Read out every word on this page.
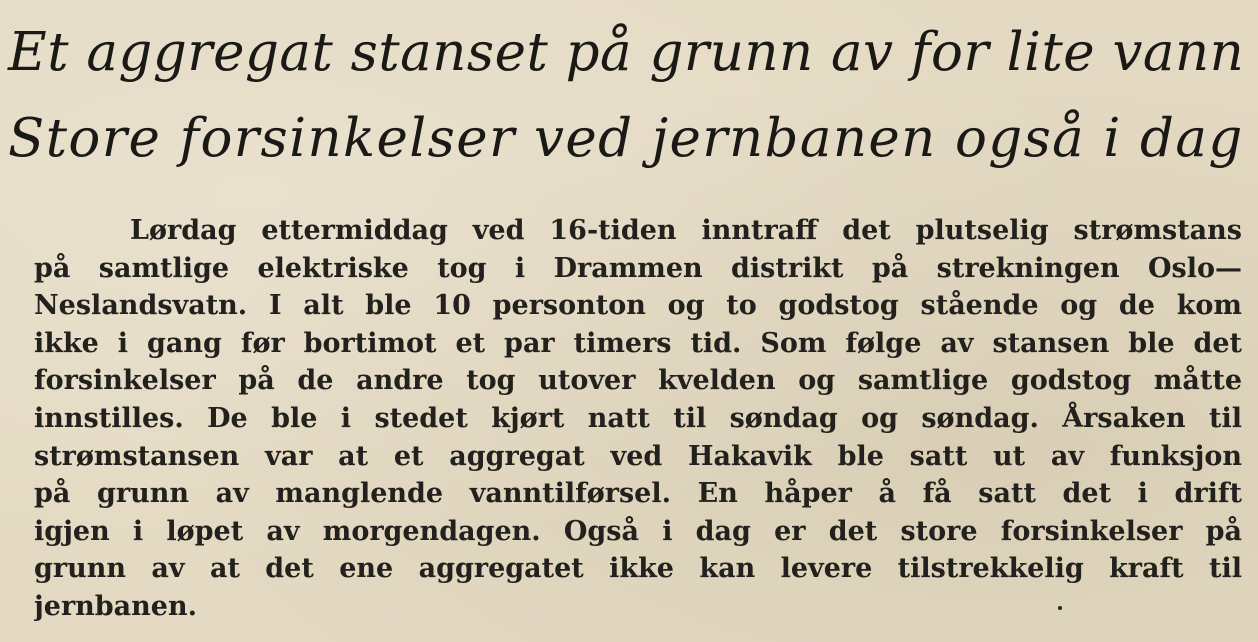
Et aggregat stanset på grunn av for lite vann
Store forsinkelser ved jernbanen også i dag
Lørdag ettermiddag ved 16-tiden inntraff det plutselig strømstans
på samtlige elektriske tog i Drammen distrikt på strekningen Oslo—
Neslandsvatn. I alt ble 10 personton og to godstog stående og de kom
ikke i gang før bortimot et par timers tid. Som følge av stansen ble det
forsinkelser på de andre tog utover kvelden og samtlige godstog måtte
innstilles. De ble i stedet kjørt natt til søndag og søndag. Årsaken til
strømstansen var at et aggregat ved Hakavik ble satt ut av funksjon
på grunn av manglende vanntilførsel. En håper å få satt det i drift
igjen i løpet av morgendagen. Også i dag er det store forsinkelser på
grunn av at det ene aggregatet ikke kan levere tilstrekkelig kraft til
jernbanen.
